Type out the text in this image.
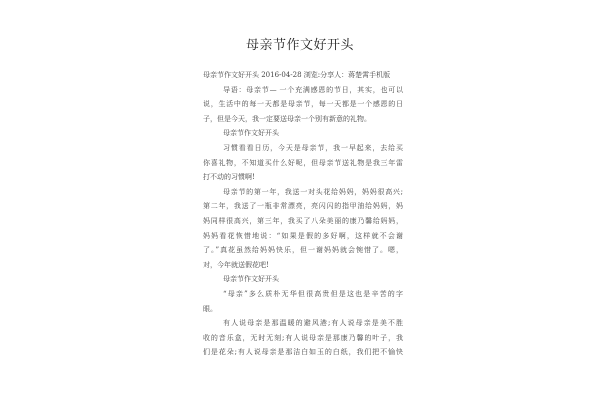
母亲节作文好开头
母亲节作文好开头 2016-04-28 浏览:分享人：蒋楚霄手机版
导语：母亲节— 一个充满感恩的节日，其实，也可以
说，生活中的每一天都是母亲节，每一天都是一个感恩的日
子，但是今天，我一定要送母亲一个别有新意的礼物。
母亲节作文好开头
习惯看看日历，今天是母亲节，我一早起来，去给买
你喜礼物，不知道买什么好呢，但母亲节送礼物是我三年雷
打不动的习惯啊!
母亲节的第一年，我送一对头花给妈妈，妈妈很高兴;
第二年，我送了一瓶非常漂亮，亮闪闪的指甲油给妈妈，妈
妈同样很高兴，第三年，我买了八朵美丽的康乃馨给妈妈，
妈妈看花恢惜地说：“如果是假的多好啊，这样就不会谢
了。”真花虽然给妈妈快乐，但一谢妈妈就会惋惜了。嗯，
对，今年就送假花吧!
母亲节作文好开头
“母亲”多么质朴无华但很高贵但是这也是辛苦的字
眼。
有人说母亲是那温暖的避风港;有人说母亲是美不胜
收的音乐盒，无时无刻;有人说母亲是那康乃馨的叶子，我
们是花朵;有人说母亲是那洁白如玉的白纸，我们把不愉快
